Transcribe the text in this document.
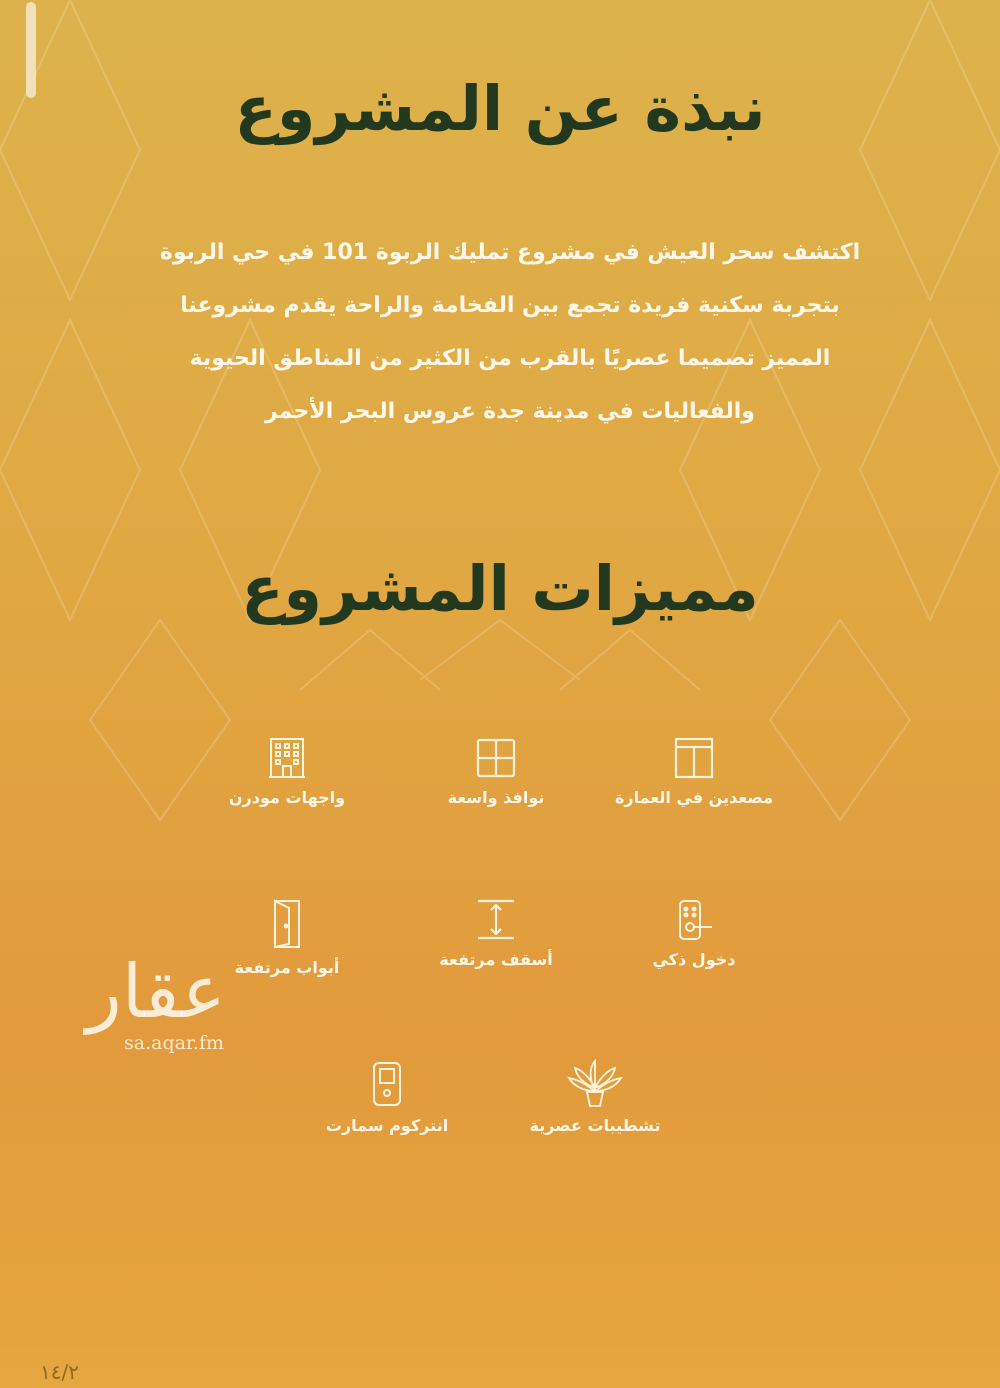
نبذة عن المشروع
اكتشف سحر العيش في مشروع تمليك الربوة 101 في حي الربوة
بتجربة سكنية فريدة تجمع بين الفخامة والراحة يقدم مشروعنا
المميز تصميما عصريًا بالقرب من الكثير من المناطق الحيوية
والفعاليات في مدينة جدة عروس البحر الأحمر
مميزات المشروع
مصعدين في العمارة
نوافذ واسعة
واجهات مودرن
دخول ذكي
أسقف مرتفعة
أبواب مرتفعة
تشطيبات عصرية
انتركوم سمارت
عقار
sa.aqar.fm
١٤/٢
